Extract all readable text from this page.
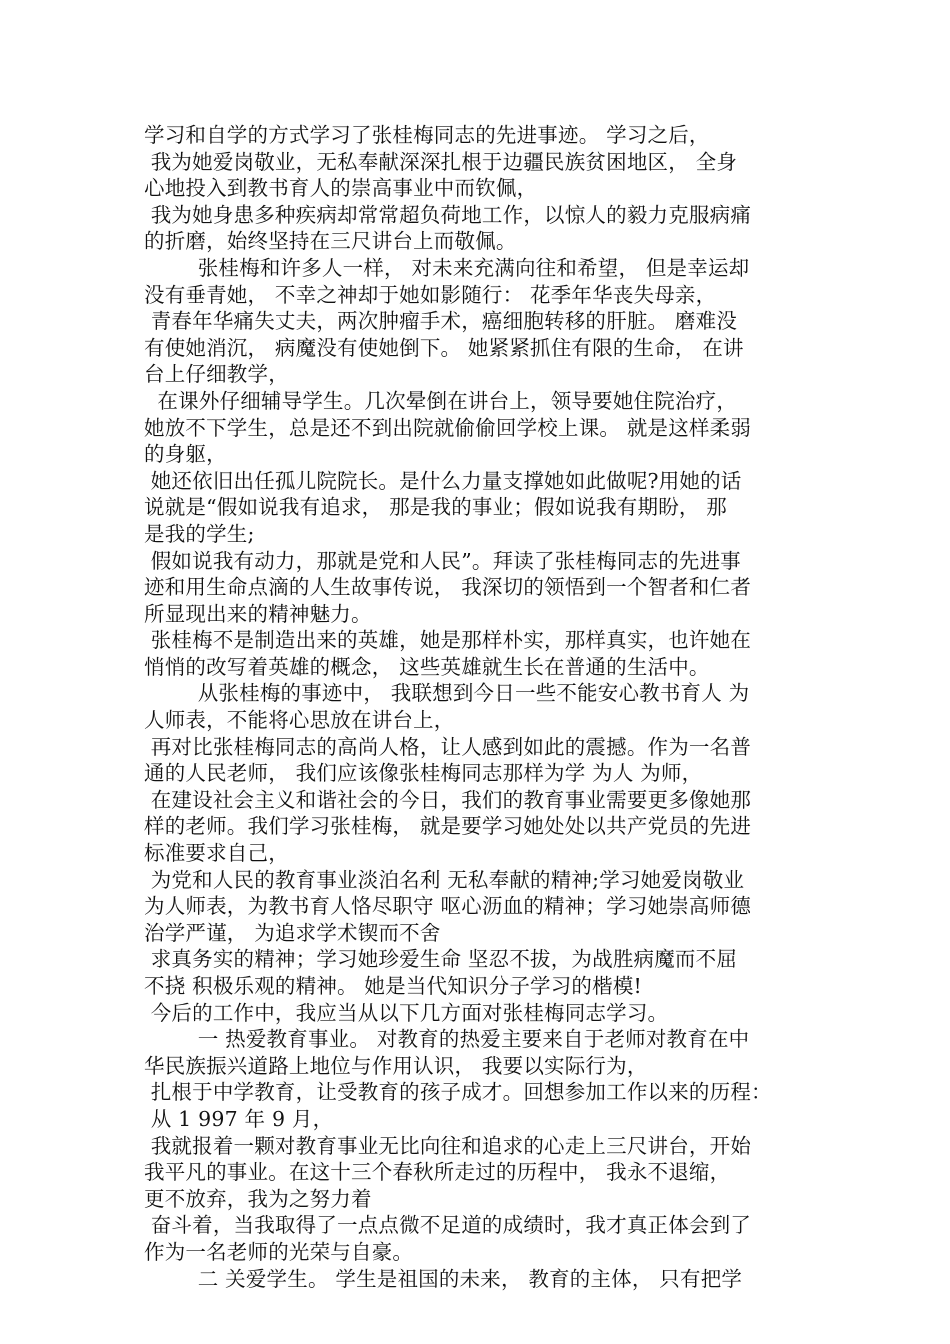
学习和自学的方式学习了张桂梅同志的先进事迹。 学习之后，
我为她爱岗敬业，无私奉献深深扎根于边疆民族贫困地区， 全身
心地投入到教书育人的崇高事业中而钦佩，
我为她身患多种疾病却常常超负荷地工作，以惊人的毅力克服病痛
的折磨，始终坚持在三尺讲台上而敬佩。
张桂梅和许多人一样， 对未来充满向往和希望， 但是幸运却
没有垂青她， 不幸之神却于她如影随行： 花季年华丧失母亲，
青春年华痛失丈夫，两次肿瘤手术，癌细胞转移的肝脏。 磨难没
有使她消沉， 病魔没有使她倒下。 她紧紧抓住有限的生命， 在讲
台上仔细教学，
在课外仔细辅导学生。几次晕倒在讲台上，领导要她住院治疗，
她放不下学生，总是还不到出院就偷偷回学校上课。 就是这样柔弱
的身躯，
她还依旧出任孤儿院院长。是什么力量支撑她如此做呢?用她的话
说就是“假如说我有追求， 那是我的事业；假如说我有期盼， 那
是我的学生;
假如说我有动力，那就是党和人民”。拜读了张桂梅同志的先进事
迹和用生命点滴的人生故事传说， 我深切的领悟到一个智者和仁者
所显现出来的精神魅力。
张桂梅不是制造出来的英雄，她是那样朴实，那样真实，也许她在
悄悄的改写着英雄的概念， 这些英雄就生长在普通的生活中。
从张桂梅的事迹中， 我联想到今日一些不能安心教书育人 为
人师表，不能将心思放在讲台上，
再对比张桂梅同志的高尚人格，让人感到如此的震撼。作为一名普
通的人民老师， 我们应该像张桂梅同志那样为学 为人 为师，
在建设社会主义和谐社会的今日，我们的教育事业需要更多像她那
样的老师。我们学习张桂梅， 就是要学习她处处以共产党员的先进
标准要求自己，
为党和人民的教育事业淡泊名利 无私奉献的精神;学习她爱岗敬业
为人师表，为教书育人恪尽职守 呕心沥血的精神；学习她崇高师德
治学严谨， 为追求学术锲而不舍
求真务实的精神；学习她珍爱生命 坚忍不拔，为战胜病魔而不屈
不挠 积极乐观的精神。 她是当代知识分子学习的楷模!
今后的工作中，我应当从以下几方面对张桂梅同志学习。
一 热爱教育事业。 对教育的热爱主要来自于老师对教育在中
华民族振兴道路上地位与作用认识， 我要以实际行为，
扎根于中学教育，让受教育的孩子成才。回想参加工作以来的历程：
从 1 997 年 9 月，
我就报着一颗对教育事业无比向往和追求的心走上三尺讲台，开始
我平凡的事业。在这十三个春秋所走过的历程中， 我永不退缩，
更不放弃，我为之努力着
奋斗着，当我取得了一点点微不足道的成绩时，我才真正体会到了
作为一名老师的光荣与自豪。
二 关爱学生。 学生是祖国的未来， 教育的主体， 只有把学
